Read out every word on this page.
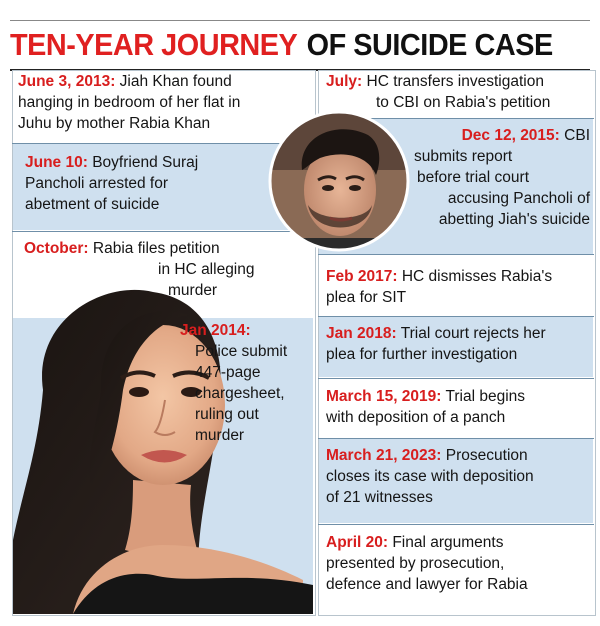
TEN-YEAR JOURNEY OF SUICIDE CASE
June 3, 2013: Jiah Khan found
hanging in bedroom of her flat in
Juhu by mother Rabia Khan
June 10: Boyfriend Suraj
Pancholi arrested for
abetment of suicide
October: Rabia files petition
in HC alleging
murder
Jan 2014:
Police submit
447-page
chargesheet,
ruling out
murder
July: HC transfers investigation
to CBI on Rabia's petition
Dec 12, 2015: CBI
submits report
before trial court
accusing Pancholi of
abetting Jiah's suicide
Feb 2017: HC dismisses Rabia's
plea for SIT
Jan 2018: Trial court rejects her
plea for further investigation
March 15, 2019: Trial begins
with deposition of a panch
March 21, 2023: Prosecution
closes its case with deposition
of 21 witnesses
April 20: Final arguments
presented by prosecution,
defence and lawyer for Rabia
